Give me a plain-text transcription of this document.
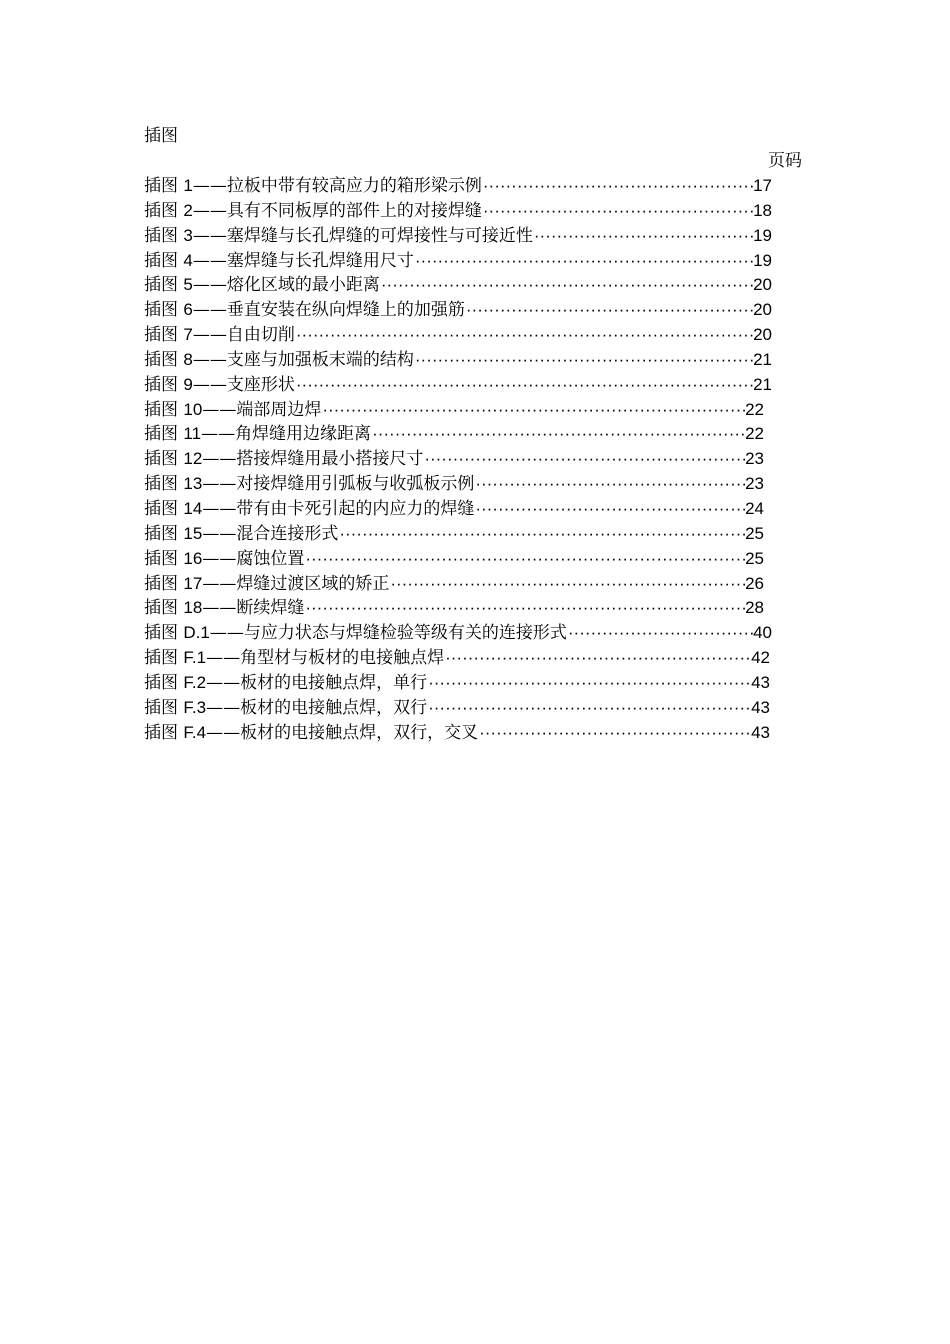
插图
页码
插图 1——拉板中带有较高应力的箱形梁示例 ·····	17
插图 2——具有不同板厚的部件上的对接焊缝 ·····	18
插图 3——塞焊缝与长孔焊缝的可焊接性与可接近性 ·····	19
插图 4——塞焊缝与长孔焊缝用尺寸 ·····	19
插图 5——熔化区域的最小距离 ·····	20
插图 6——垂直安装在纵向焊缝上的加强筋 ·····	20
插图 7——自由切削 ·····	20
插图 8——支座与加强板末端的结构 ·····	21
插图 9——支座形状 ·····	21
插图 10——端部周边焊 ·····	22
插图 11——角焊缝用边缘距离 ·····	22
插图 12——搭接焊缝用最小搭接尺寸 ·····	23
插图 13——对接焊缝用引弧板与收弧板示例 ·····	23
插图 14——带有由卡死引起的内应力的焊缝 ·····	24
插图 15——混合连接形式 ·····	25
插图 16——腐蚀位置 ·····	25
插图 17——焊缝过渡区域的矫正 ·····	26
插图 18——断续焊缝 ·····	28
插图 D.1——与应力状态与焊缝检验等级有关的连接形式 ·····	40
插图 F.1——角型材与板材的电接触点焊 ·····	42
插图 F.2——板材的电接触点焊，单行 ·····	43
插图 F.3——板材的电接触点焊，双行 ·····	43
插图 F.4——板材的电接触点焊，双行，交叉 ·····	43
